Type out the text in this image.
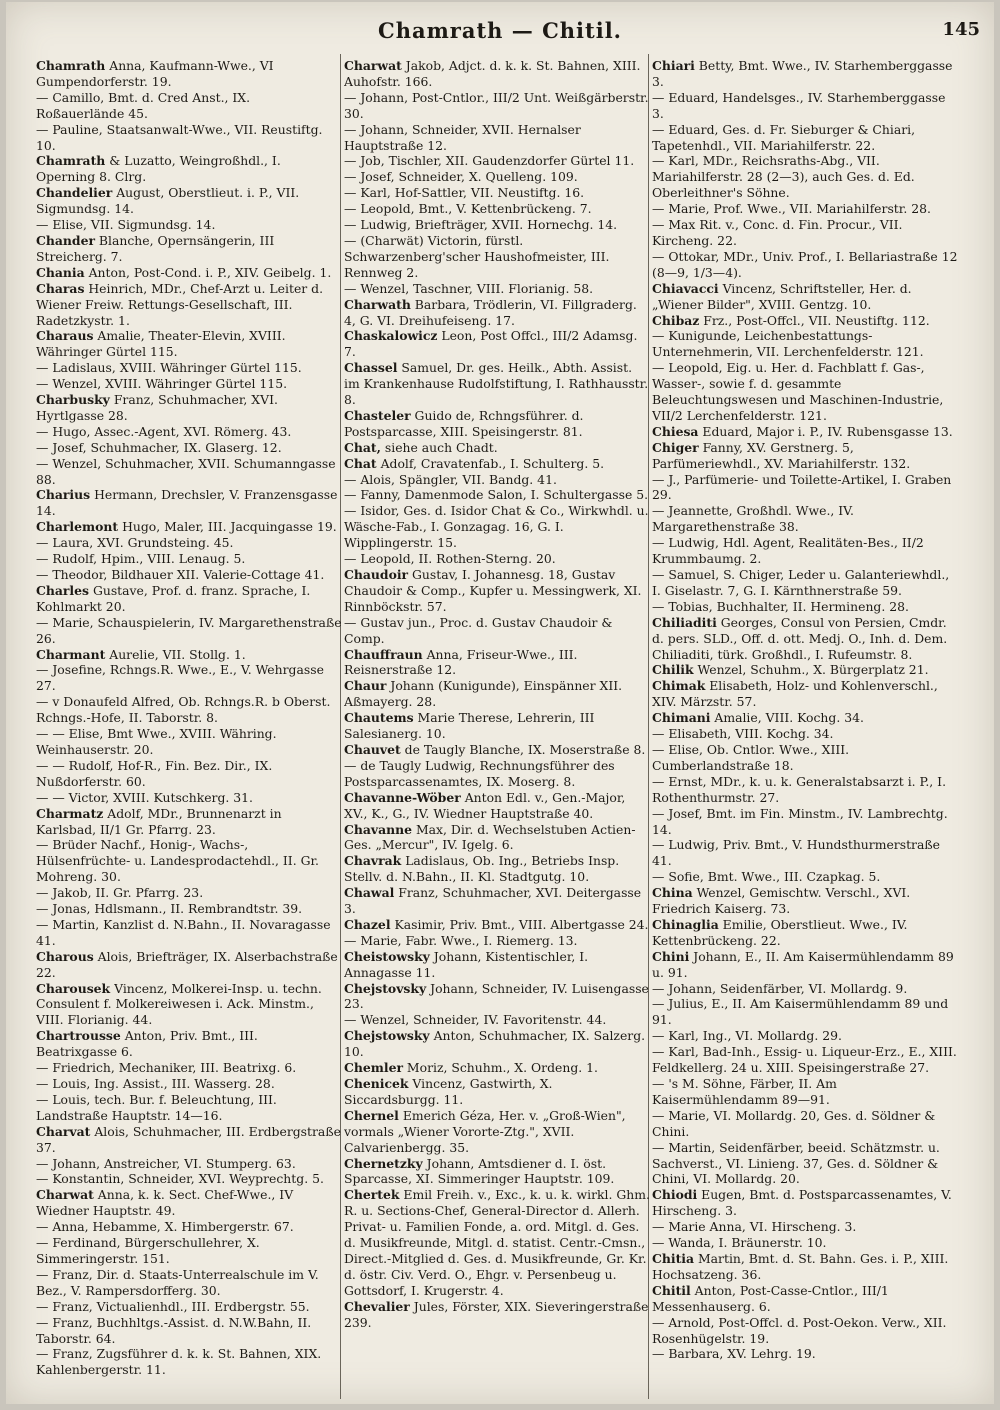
Chamrath — Chitil.	145

Chamrath Anna, Kaufmann-Wwe., VI Gumpendorferstr. 19.

— Camillo, Bmt. d. Cred Anst., IX. Roßauerlände 45.

— Pauline, Staatsanwalt-Wwe., VII. Reustiftg. 10.

Chamrath & Luzatto, Weingroßhdl., I. Operning 8. Clrg.

Chandelier August, Oberstlieut. i. P., VII. Sigmundsg. 14.

— Elise, VII. Sigmundsg. 14.

Chander Blanche, Opernsängerin, III Streicherg. 7.

Chania Anton, Post-Cond. i. P., XIV. Geibelg. 1.

Charas Heinrich, MDr., Chef-Arzt u. Leiter d. Wiener Freiw. Rettungs-Gesellschaft, III. Radetzkystr. 1.

Charaus Amalie, Theater-Elevin, XVIII. Währinger Gürtel 115.

— Ladislaus, XVIII. Währinger Gürtel 115.

— Wenzel, XVIII. Währinger Gürtel 115.

Charbusky Franz, Schuhmacher, XVI. Hyrtlgasse 28.

— Hugo, Assec.-Agent, XVI. Römerg. 43.

— Josef, Schuhmacher, IX. Glaserg. 12.

— Wenzel, Schuhmacher, XVII. Schumanngasse 88.

Charius Hermann, Drechsler, V. Franzensgasse 14.

Charlemont Hugo, Maler, III. Jacquingasse 19.

— Laura, XVI. Grundsteing. 45.

— Rudolf, Hpim., VIII. Lenaug. 5.

— Theodor, Bildhauer XII. Valerie-Cottage 41.

Charles Gustave, Prof. d. franz. Sprache, I. Kohlmarkt 20.

— Marie, Schauspielerin, IV. Margarethenstraße 26.

Charmant Aurelie, VII. Stollg. 1.

— Josefine, Rchngs.R. Wwe., E., V. Wehrgasse 27.

— v Donaufeld Alfred, Ob. Rchngs.R. b Oberst. Rchngs.-Hofe, II. Taborstr. 8.

— — Elise, Bmt Wwe., XVIII. Währing. Weinhauserstr. 20.

— — Rudolf, Hof-R., Fin. Bez. Dir., IX. Nußdorferstr. 60.

— — Victor, XVIII. Kutschkerg. 31.

Charmatz Adolf, MDr., Brunnenarzt in Karlsbad, II/1 Gr. Pfarrg. 23.

— Brüder Nachf., Honig-, Wachs-, Hülsenfrüchte- u. Landesprodactehdl., II. Gr. Mohreng. 30.

— Jakob, II. Gr. Pfarrg. 23.

— Jonas, Hdlsmann., II. Rembrandtstr. 39.

— Martin, Kanzlist d. N.Bahn., II. Novaragasse 41.

Charous Alois, Briefträger, IX. Alserbachstraße 22.

Charousek Vincenz, Molkerei-Insp. u. techn. Consulent f. Molkereiwesen i. Ack. Minstm., VIII. Florianig. 44.

Chartrousse Anton, Priv. Bmt., III. Beatrixgasse 6.

— Friedrich, Mechaniker, III. Beatrixg. 6.

— Louis, Ing. Assist., III. Wasserg. 28.

— Louis, tech. Bur. f. Beleuchtung, III. Landstraße Hauptstr. 14—16.

Charvat Alois, Schuhmacher, III. Erdbergstraße 37.

— Johann, Anstreicher, VI. Stumperg. 63.

— Konstantin, Schneider, XVI. Weyprechtg. 5.

Charwat Anna, k. k. Sect. Chef-Wwe., IV Wiedner Hauptstr. 49.

— Anna, Hebamme, X. Himbergerstr. 67.

— Ferdinand, Bürgerschullehrer, X. Simmeringerstr. 151.

— Franz, Dir. d. Staats-Unterrealschule im V. Bez., V. Rampersdorfferg. 30.

— Franz, Victualienhdl., III. Erdbergstr. 55.

— Franz, Buchhltgs.-Assist. d. N.W.Bahn, II. Taborstr. 64.

— Franz, Zugsführer d. k. k. St. Bahnen, XIX. Kahlenbergerstr. 11.

Charwat Jakob, Adjct. d. k. k. St. Bahnen, XIII. Auhofstr. 166.

— Johann, Post-Cntlor., III/2 Unt. Weißgärberstr. 30.

— Johann, Schneider, XVII. Hernalser Hauptstraße 12.

— Job, Tischler, XII. Gaudenzdorfer Gürtel 11.

— Josef, Schneider, X. Quelleng. 109.

— Karl, Hof-Sattler, VII. Neustiftg. 16.

— Leopold, Bmt., V. Kettenbrückeng. 7.

— Ludwig, Briefträger, XVII. Hornechg. 14.

— (Charwät) Victorin, fürstl. Schwarzenberg'scher Haushofmeister, III. Rennweg 2.

— Wenzel, Taschner, VIII. Florianig. 58.

Charwath Barbara, Trödlerin, VI. Fillgraderg. 4, G. VI. Dreihufeiseng. 17.

Chaskalowicz Leon, Post Offcl., III/2 Adamsg. 7.

Chassel Samuel, Dr. ges. Heilk., Abth. Assist. im Krankenhause Rudolfstiftung, I. Rathhausstr. 8.

Chasteler Guido de, Rchngsführer. d. Postsparcasse, XIII. Speisingerstr. 81.

Chat, siehe auch Chadt.

Chat Adolf, Cravatenfab., I. Schulterg. 5.

— Alois, Spängler, VII. Bandg. 41.

— Fanny, Damenmode Salon, I. Schultergasse 5.

— Isidor, Ges. d. Isidor Chat & Co., Wirkwhdl. u. Wäsche-Fab., I. Gonzagag. 16, G. I. Wipplingerstr. 15.

— Leopold, II. Rothen-Sterng. 20.

Chaudoir Gustav, I. Johannesg. 18, Gustav Chaudoir & Comp., Kupfer u. Messingwerk, XI. Rinnböckstr. 57.

— Gustav jun., Proc. d. Gustav Chaudoir & Comp.

Chauffraun Anna, Friseur-Wwe., III. Reisnerstraße 12.

Chaur Johann (Kunigunde), Einspänner XII. Aßmayerg. 28.

Chautems Marie Therese, Lehrerin, III Salesianerg. 10.

Chauvet de Taugly Blanche, IX. Moserstraße 8.

— de Taugly Ludwig, Rechnungsführer des Postsparcassenamtes, IX. Moserg. 8.

Chavanne-Wöber Anton Edl. v., Gen.-Major, XV., K., G., IV. Wiedner Hauptstraße 40.

Chavanne Max, Dir. d. Wechselstuben Actien-Ges. „Mercur", IV. Igelg. 6.

Chavrak Ladislaus, Ob. Ing., Betriebs Insp. Stellv. d. N.Bahn., II. Kl. Stadtgutg. 10.

Chawal Franz, Schuhmacher, XVI. Deitergasse 3.

Chazel Kasimir, Priv. Bmt., VIII. Albertgasse 24.

— Marie, Fabr. Wwe., I. Riemerg. 13.

Cheistowsky Johann, Kistentischler, I. Annagasse 11.

Chejstovsky Johann, Schneider, IV. Luisengasse 23.

— Wenzel, Schneider, IV. Favoritenstr. 44.

Chejstowsky Anton, Schuhmacher, IX. Salzerg. 10.

Chemler Moriz, Schuhm., X. Ordeng. 1.

Chenicek Vincenz, Gastwirth, X. Siccardsburgg. 11.

Chernel Emerich Géza, Her. v. „Groß-Wien", vormals „Wiener Vororte-Ztg.", XVII. Calvarienbergg. 35.

Chernetzky Johann, Amtsdiener d. I. öst. Sparcasse, XI. Simmeringer Hauptstr. 109.

Chertek Emil Freih. v., Exc., k. u. k. wirkl. Ghm. R. u. Sections-Chef, General-Director d. Allerh. Privat- u. Familien Fonde, a. ord. Mitgl. d. Ges. d. Musikfreunde, Mitgl. d. statist. Centr.-Cmsn., Direct.-Mitglied d. Ges. d. Musikfreunde, Gr. Kr. d. östr. Civ. Verd. O., Ehgr. v. Persenbeug u. Gottsdorf, I. Krugerstr. 4.

Chevalier Jules, Förster, XIX. Sieveringerstraße 239.

Chiari Betty, Bmt. Wwe., IV. Starhemberggasse 3.

— Eduard, Handelsges., IV. Starhemberggasse 3.

— Eduard, Ges. d. Fr. Sieburger & Chiari, Tapetenhdl., VII. Mariahilferstr. 22.

— Karl, MDr., Reichsraths-Abg., VII. Mariahilferstr. 28 (2—3), auch Ges. d. Ed. Oberleithner's Söhne.

— Marie, Prof. Wwe., VII. Mariahilferstr. 28.

— Max Rit. v., Conc. d. Fin. Procur., VII. Kircheng. 22.

— Ottokar, MDr., Univ. Prof., I. Bellariastraße 12 (8—9, 1/3—4).

Chiavacci Vincenz, Schriftsteller, Her. d. „Wiener Bilder", XVIII. Gentzg. 10.

Chibaz Frz., Post-Offcl., VII. Neustiftg. 112.

— Kunigunde, Leichenbestattungs-Unternehmerin, VII. Lerchenfelderstr. 121.

— Leopold, Eig. u. Her. d. Fachblatt f. Gas-, Wasser-, sowie f. d. gesammte Beleuchtungswesen und Maschinen-Industrie, VII/2 Lerchenfelderstr. 121.

Chiesa Eduard, Major i. P., IV. Rubensgasse 13.

Chiger Fanny, XV. Gerstnerg. 5, Parfümeriewhdl., XV. Mariahilferstr. 132.

— J., Parfümerie- und Toilette-Artikel, I. Graben 29.

— Jeannette, Großhdl. Wwe., IV. Margarethenstraße 38.

— Ludwig, Hdl. Agent, Realitäten-Bes., II/2 Krummbaumg. 2.

— Samuel, S. Chiger, Leder u. Galanteriewhdl., I. Giselastr. 7, G. I. Kärnthnerstraße 59.

— Tobias, Buchhalter, II. Hermineng. 28.

Chiliaditi Georges, Consul von Persien, Cmdr. d. pers. SLD., Off. d. ott. Medj. O., Inh. d. Dem. Chiliaditi, türk. Großhdl., I. Rufeumstr. 8.

Chilik Wenzel, Schuhm., X. Bürgerplatz 21.

Chimak Elisabeth, Holz- und Kohlenverschl., XIV. Märzstr. 57.

Chimani Amalie, VIII. Kochg. 34.

— Elisabeth, VIII. Kochg. 34.

— Elise, Ob. Cntlor. Wwe., XIII. Cumberlandstraße 18.

— Ernst, MDr., k. u. k. Generalstabsarzt i. P., I. Rothenthurmstr. 27.

— Josef, Bmt. im Fin. Minstm., IV. Lambrechtg. 14.

— Ludwig, Priv. Bmt., V. Hundsthurmerstraße 41.

— Sofie, Bmt. Wwe., III. Czapkag. 5.

China Wenzel, Gemischtw. Verschl., XVI. Friedrich Kaiserg. 73.

Chinaglia Emilie, Oberstlieut. Wwe., IV. Kettenbrückeng. 22.

Chini Johann, E., II. Am Kaisermühlendamm 89 u. 91.

— Johann, Seidenfärber, VI. Mollardg. 9.

— Julius, E., II. Am Kaisermühlendamm 89 und 91.

— Karl, Ing., VI. Mollardg. 29.

— Karl, Bad-Inh., Essig- u. Liqueur-Erz., E., XIII. Feldkellerg. 24 u. XIII. Speisingerstraße 27.

— 's M. Söhne, Färber, II. Am Kaisermühlendamm 89—91.

— Marie, VI. Mollardg. 20, Ges. d. Söldner & Chini.

— Martin, Seidenfärber, beeid. Schätzmstr. u. Sachverst., VI. Linieng. 37, Ges. d. Söldner & Chini, VI. Mollardg. 20.

Chiodi Eugen, Bmt. d. Postsparcassenamtes, V. Hirscheng. 3.

— Marie Anna, VI. Hirscheng. 3.

— Wanda, I. Bräunerstr. 10.

Chitia Martin, Bmt. d. St. Bahn. Ges. i. P., XIII. Hochsatzeng. 36.

Chitil Anton, Post-Casse-Cntlor., III/1 Messenhauserg. 6.

— Arnold, Post-Offcl. d. Post-Oekon. Verw., XII. Rosenhügelstr. 19.

— Barbara, XV. Lehrg. 19.
